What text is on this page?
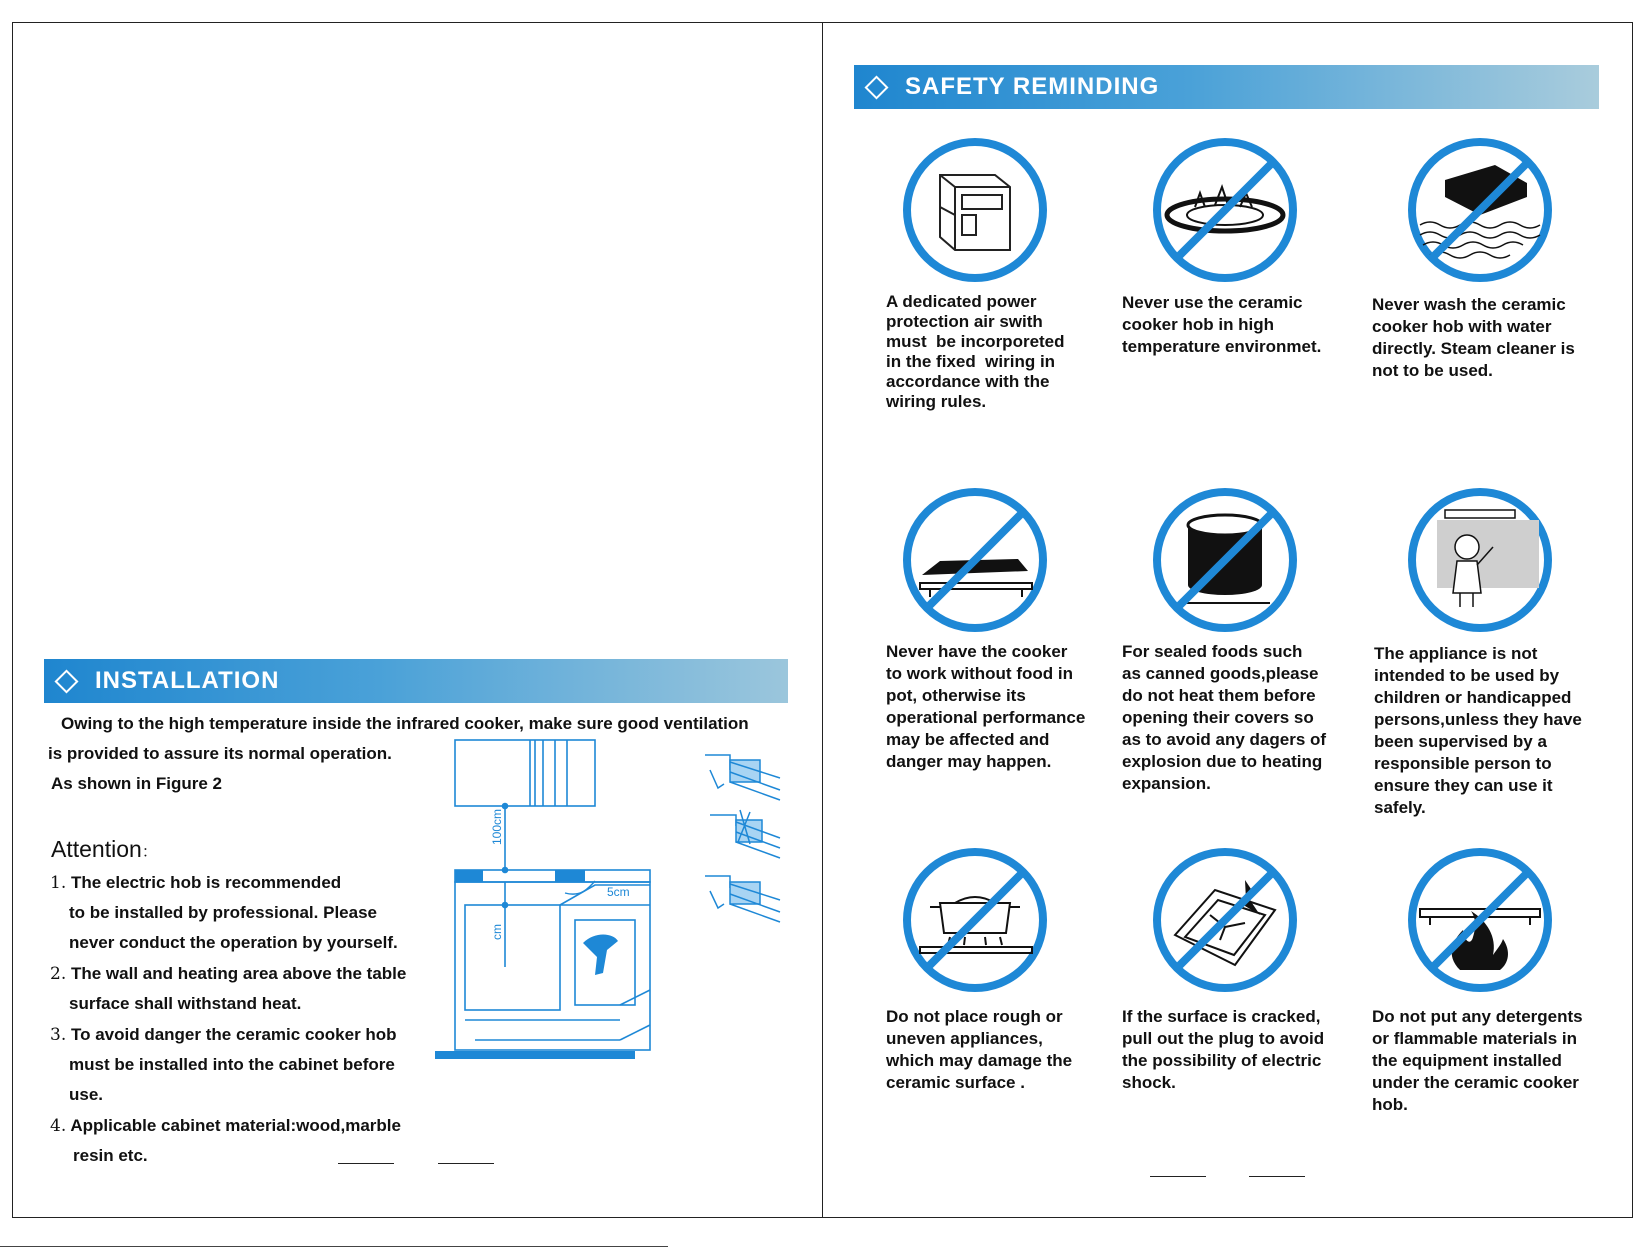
INSTALLATION
Owing to the high temperature inside the infrared cooker, make sure good ventilation
is provided to assure its normal operation.
As shown in Figure 2
Attention：
1. The electric hob is recommended
to be installed by professional. Please
never conduct the operation by yourself.
2. The wall and heating area above the table
surface shall withstand heat.
3. To avoid danger the ceramic cooker hob
must be installed into the cabinet before
use.
4. Applicable cabinet material:wood,marble
resin etc.
100cm
cm
5cm
SAFETY REMINDING
A dedicated power
protection air swith
must  be incorporeted
in the fixed  wiring in
accordance with the
wiring rules.
Never use the ceramic
cooker hob in high
temperature environmet.
Never wash the ceramic
cooker hob with water
directly. Steam cleaner is
not to be used.
Never have the cooker
to work without food in
pot, otherwise its
operational performance
may be affected and
danger may happen.
For sealed foods such
as canned goods,please
do not heat them before
opening their covers so
as to avoid any dagers of
explosion due to heating
expansion.
The appliance is not
intended to be used by
children or handicapped
persons,unless they have
been supervised by a
responsible person to
ensure they can use it
safely.
Do not place rough or
uneven appliances,
which may damage the
ceramic surface .
If the surface is cracked,
pull out the plug to avoid
the possibility of electric
shock.
Do not put any detergents
or flammable materials in
the equipment installed
under the ceramic cooker
hob.
